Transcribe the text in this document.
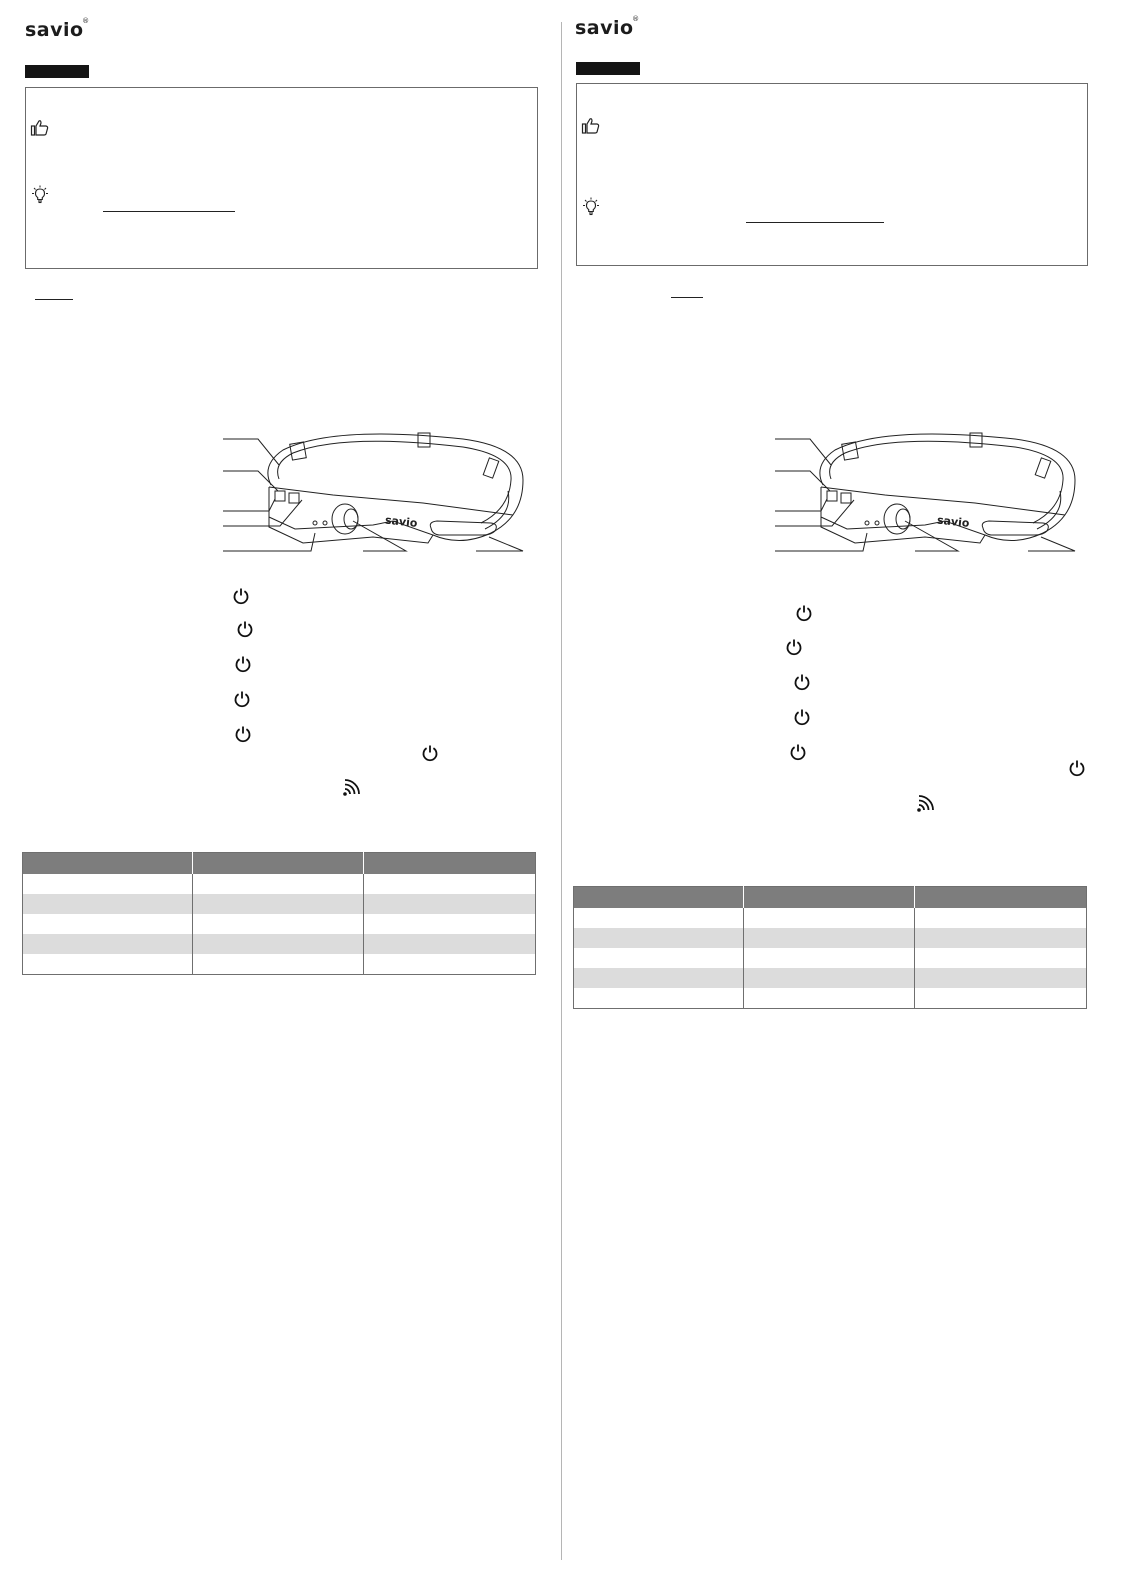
savio
®
savio

savio
®
savio
